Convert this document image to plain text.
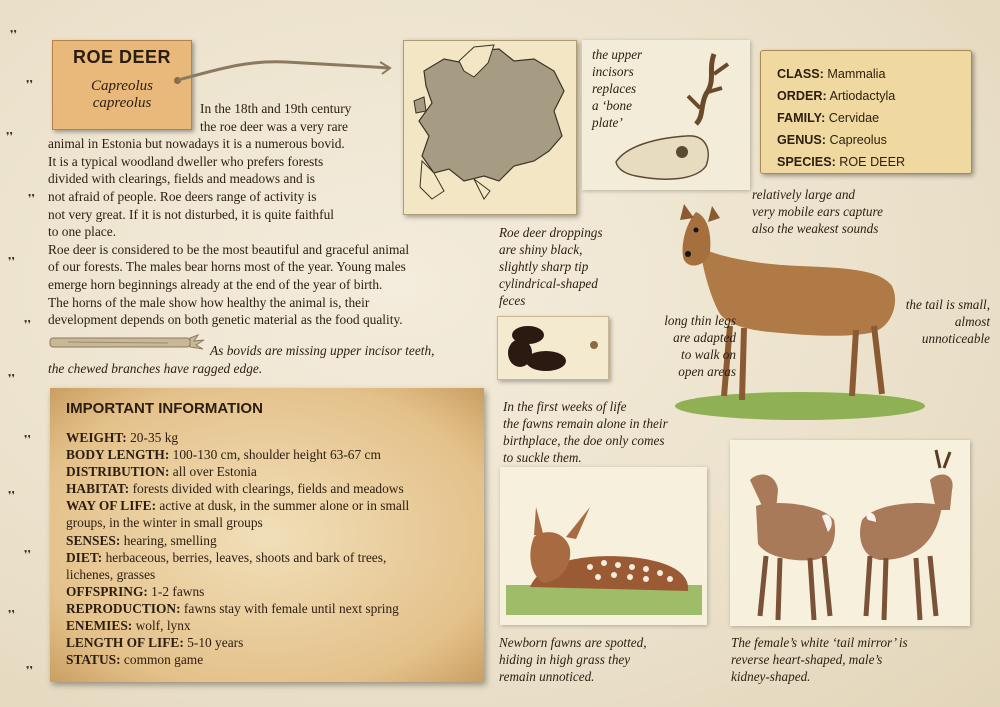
❜❜
❜❜
❜❜
❜❜
❜❜
❜❜
❜❜
❜❜
❜❜
❜❜
❜❜
❜❜
ROE DEER
Capreolus
capreolus	In the 18th and 19th century

the roe deer was a very rare

animal in Estonia but nowadays it is a numerous bovid.

It is a typical woodland dweller who prefers forests

divided with clearings, fields and meadows and is

not afraid of people. Roe deers range of activity is

not very great. If it is not disturbed, it is quite faithful

to one place.

Roe deer is considered to be the most beautiful and graceful animal

of our forests. The males bear horns most of the year. Young males

emerge horn beginnings already at the end of the year of birth.

The horns of the male show how healthy the animal is, their

development depends on both genetic material as the food quality.

As bovids are missing upper incisor teeth,
the chewed branches have ragged edge.
IMPORTANT INFORMATION

WEIGHT: 20-35 kg

BODY LENGTH: 100-130 cm, shoulder height 63-67 cm

DISTRIBUTION: all over Estonia

HABITAT: forests divided with clearings, fields and meadows

WAY OF LIFE: active at dusk, in the summer alone or in small

groups, in the winter in small groups

SENSES: hearing, smelling

DIET: herbaceous, berries, leaves, shoots and bark of trees,

lichenes, grasses

OFFSPRING: 1-2 fawns

REPRODUCTION: fawns stay with female until next spring

ENEMIES: wolf, lynx

LENGTH OF LIFE: 5-10 years

STATUS: common game

the upper incisors
replaces
a ‘bone
plate’
CLASS: Mammalia
ORDER: Artiodactyla
FAMILY: Cervidae
GENUS: Capreolus
SPECIES: ROE DEER
relatively large and
very mobile ears capture
also the weakest sounds
Roe deer droppings
are shiny black,
slightly sharp tip
cylindrical-shaped
feces
long thin legs
are adapted
to walk on
open areas
the tail is small,
almost
unnoticeable
In the first weeks of life
the fawns remain alone in their
birthplace, the doe only comes
to suckle them.
Newborn fawns are spotted,
hiding in high grass they
remain unnoticed.
The female’s white ‘tail mirror’ is
reverse heart-shaped, male’s
kidney-shaped.
